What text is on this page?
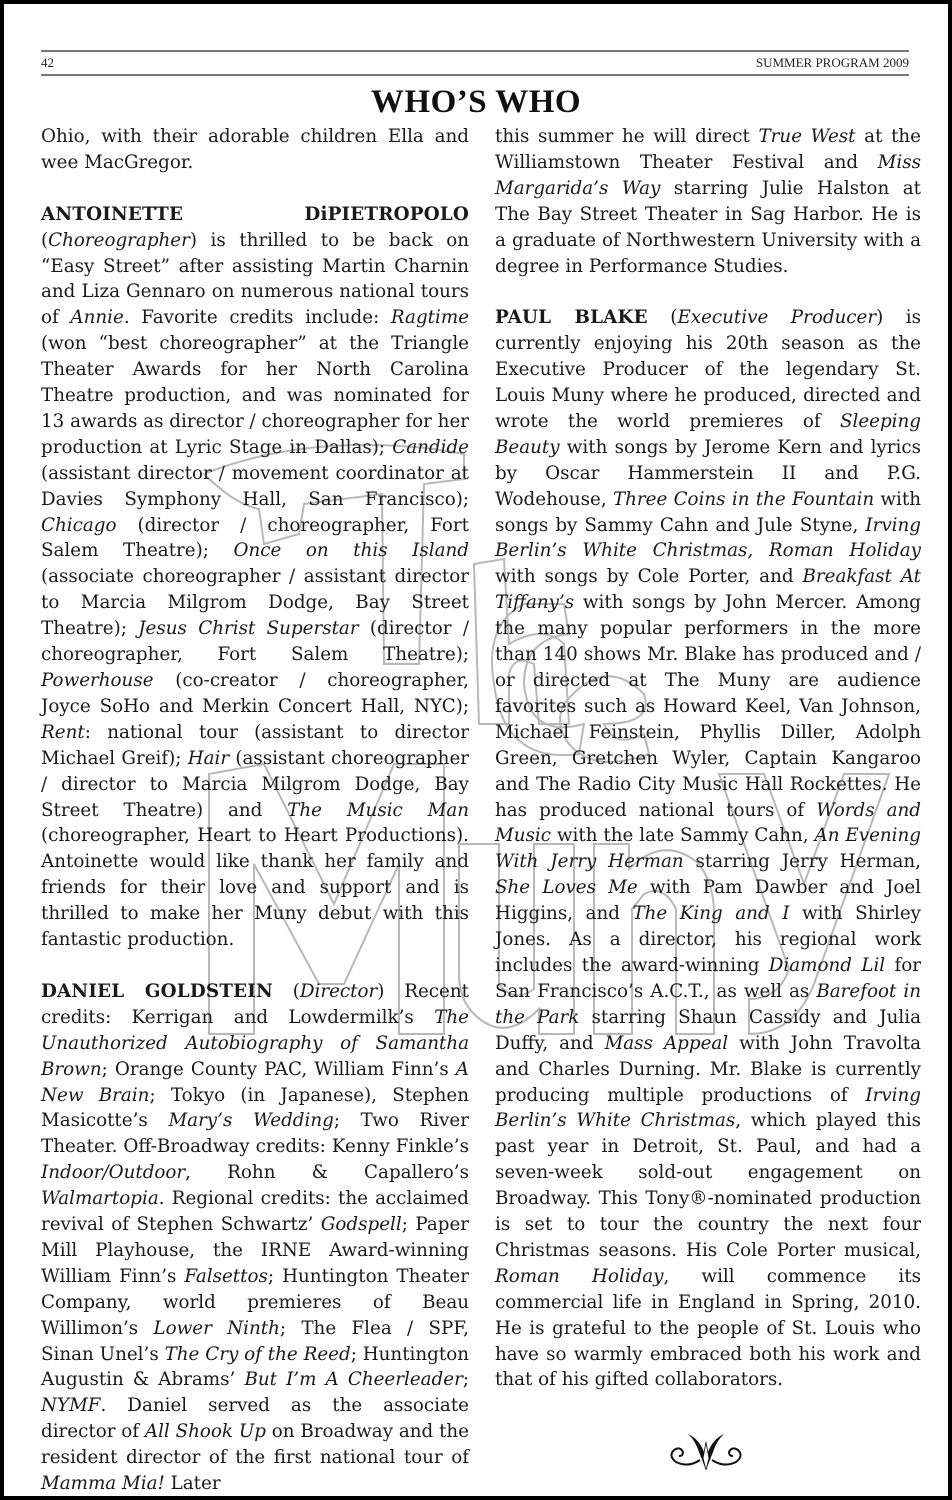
42	SUMMER PROGRAM 2009
WHO’S WHO

Ohio, with their adorable children Ella and wee MacGregor.

ANTOINETTE DiPIETROPOLO (Choreographer) is thrilled to be back on “Easy Street” after assisting Martin Charnin and Liza Gennaro on numerous national tours of Annie. Favorite credits include: Ragtime (won “best choreographer” at the Triangle Theater Awards for her North Carolina Theatre production, and was nominated for 13 awards as director / choreographer for her production at Lyric Stage in Dallas); Candide (assistant director / movement coordinator at Davies Symphony Hall, San Francisco); Chicago (director / choreographer, Fort Salem Theatre); Once on this Island (associate choreographer / assistant director to Marcia Milgrom Dodge, Bay Street Theatre); Jesus Christ Superstar (director / choreographer, Fort Salem Theatre); Powerhouse (co-creator / choreographer, Joyce SoHo and Merkin Concert Hall, NYC); Rent: national tour (assistant to director Michael Greif); Hair (assistant choreographer / director to Marcia Milgrom Dodge, Bay Street Theatre) and The Music Man (choreographer, Heart to Heart Productions). Antoinette would like thank her family and friends for their love and support and is thrilled to make her Muny debut with this fantastic production.

DANIEL GOLDSTEIN (Director) Recent credits: Kerrigan and Lowdermilk’s The Unauthorized Autobiography of Samantha Brown; Orange County PAC, William Finn’s A New Brain; Tokyo (in Japanese), Stephen Masicotte’s Mary’s Wedding; Two River Theater. Off-Broadway credits: Kenny Finkle’s Indoor/Outdoor, Rohn & Capallero’s Walmartopia. Regional credits: the acclaimed revival of Stephen Schwartz’ Godspell; Paper Mill Playhouse, the IRNE Award-winning William Finn’s Falsettos; Huntington Theater Company, world premieres of Beau Willimon’s Lower Ninth; The Flea / SPF, Sinan Unel’s The Cry of the Reed; Huntington Augustin & Abrams’ But I’m A Cheerleader; NYMF. Daniel served as the associate director of All Shook Up on Broadway and the resident director of the first national tour of Mamma Mia! Later

this summer he will direct True West at the Williamstown Theater Festival and Miss Margarida’s Way starring Julie Halston at The Bay Street Theater in Sag Harbor. He is a graduate of Northwestern University with a degree in Performance Studies.

PAUL BLAKE (Executive Producer) is currently enjoying his 20th season as the Executive Producer of the legendary St. Louis Muny where he produced, directed and wrote the world premieres of Sleeping Beauty with songs by Jerome Kern and lyrics by Oscar Hammerstein II and P.G. Wodehouse, Three Coins in the Fountain with songs by Sammy Cahn and Jule Styne, Irving Berlin’s White Christmas, Roman Holiday with songs by Cole Porter, and Breakfast At Tiffany’s with songs by John Mercer. Among the many popular performers in the more than 140 shows Mr. Blake has produced and / or directed at The Muny are audience favorites such as Howard Keel, Van Johnson, Michael Feinstein, Phyllis Diller, Adolph Green, Gretchen Wyler, Captain Kangaroo and The Radio City Music Hall Rockettes. He has produced national tours of Words and Music with the late Sammy Cahn, An Evening With Jerry Herman starring Jerry Herman, She Loves Me with Pam Dawber and Joel Higgins, and The King and I with Shirley Jones. As a director, his regional work includes the award-winning Diamond Lil for San Francisco’s A.C.T., as well as Barefoot in the Park starring Shaun Cassidy and Julia Duffy, and Mass Appeal with John Travolta and Charles Durning. Mr. Blake is currently producing multiple productions of Irving Berlin’s White Christmas, which played this past year in Detroit, St. Paul, and had a seven-week sold-out engagement on Broadway. This Tony®-nominated production is set to tour the country the next four Christmas seasons. His Cole Porter musical, Roman Holiday, will commence its commercial life in England in Spring, 2010. He is grateful to the people of St. Louis who have so warmly embraced both his work and that of his gifted collaborators.
